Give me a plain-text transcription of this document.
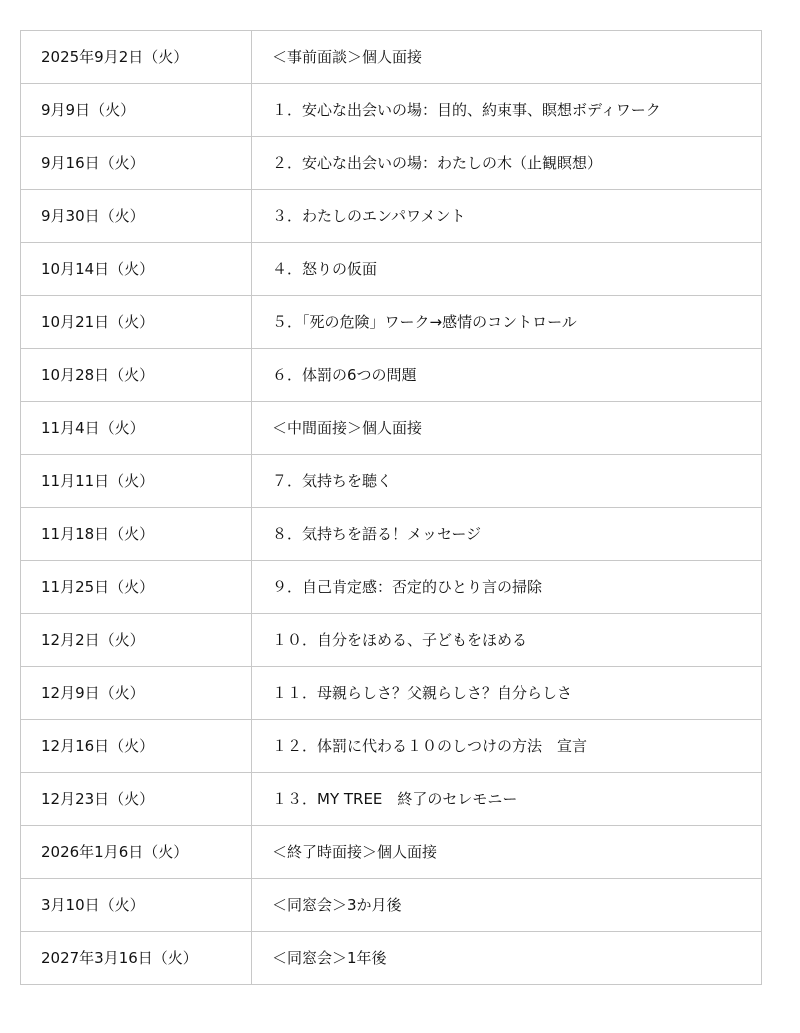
2025年9月2日（火）	＜事前面談＞個人面接
9月9日（火）	１．安心な出会いの場：目的、約束事、瞑想ボディワーク
9月16日（火）	２．安心な出会いの場：わたしの木（止観瞑想）
9月30日（火）	３．わたしのエンパワメント
10月14日（火）	４．怒りの仮面
10月21日（火）	５．「死の危険」ワーク→感情のコントロール
10月28日（火）	６．体罰の6つの問題
11月4日（火）	＜中間面接＞個人面接
11月11日（火）	７．気持ちを聴く
11月18日（火）	８．気持ちを語る！メッセージ
11月25日（火）	９．自己肯定感：否定的ひとり言の掃除
12月2日（火）	１０．自分をほめる、子どもをほめる
12月9日（火）	１１．母親らしさ？父親らしさ？自分らしさ
12月16日（火）	１２．体罰に代わる１０のしつけの方法　宣言
12月23日（火）	１３．MY TREE　終了のセレモニー
2026年1月6日（火）	＜終了時面接＞個人面接
3月10日（火）	＜同窓会＞3か月後
2027年3月16日（火）	＜同窓会＞1年後
